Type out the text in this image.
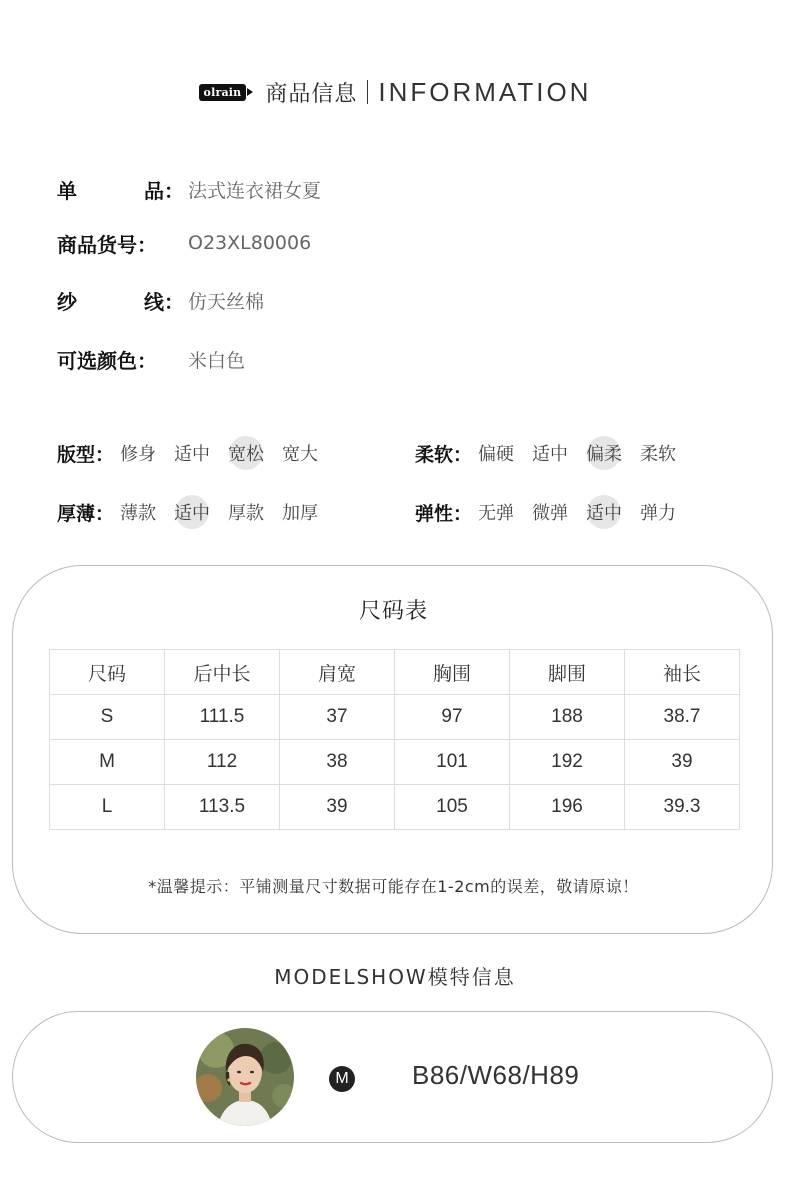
olrain 商品信息 INFORMATION
单	品： 法式连衣裙女夏
商品货号：	O23XL80006
纱	线： 仿天丝棉
可选颜色：	米白色
版型： 修身 适中 宽松 宽大	柔软： 偏硬 适中 偏柔 柔软
厚薄： 薄款 适中 厚款 加厚	弹性： 无弹 微弹 适中 弹力
尺码表
尺码	后中长	肩宽	胸围	脚围	袖长
S	111.5	37	97	188	38.7
M	112	38	101	192	39
L	113.5	39	105	196	39.3
*温馨提示：平铺测量尺寸数据可能存在1-2cm的误差，敬请原谅！
MODELSHOW模特信息
M B86/W68/H89
